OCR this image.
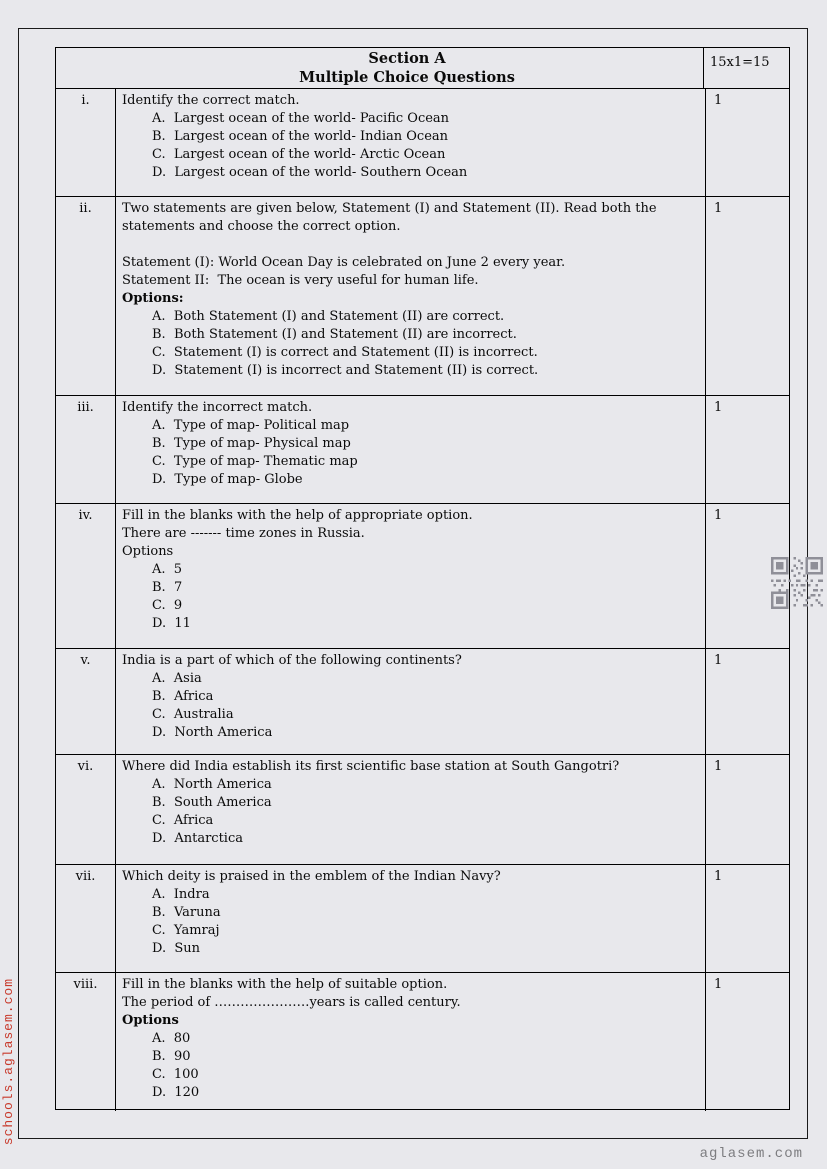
Section A
Multiple Choice Questions
15x1=15
i.	Identify the correct match.
A.  Largest ocean of the world- Pacific Ocean
B.  Largest ocean of the world- Indian Ocean
C.  Largest ocean of the world- Arctic Ocean
D.  Largest ocean of the world- Southern Ocean
1
ii.	Two statements are given below, Statement (I) and Statement (II). Read both the statements and choose the correct option.

Statement (I): World Ocean Day is celebrated on June 2 every year.
Statement II:  The ocean is very useful for human life.
Options:
A.  Both Statement (I) and Statement (II) are correct.
B.  Both Statement (I) and Statement (II) are incorrect.
C.  Statement (I) is correct and Statement (II) is incorrect.
D.  Statement (I) is incorrect and Statement (II) is correct.
1
iii.	Identify the incorrect match.
A.  Type of map- Political map
B.  Type of map- Physical map
C.  Type of map- Thematic map
D.  Type of map- Globe
1
iv.	Fill in the blanks with the help of appropriate option.
There are ------- time zones in Russia.
Options
A.  5
B.  7
C.  9
D.  11
1
v.	India is a part of which of the following continents?
A.  Asia
B.  Africa
C.  Australia
D.  North America
1
vi.	Where did India establish its first scientific base station at South Gangotri?
A.  North America
B.  South America
C.  Africa
D.  Antarctica
1
vii.	Which deity is praised in the emblem of the Indian Navy?
A.  Indra
B.  Varuna
C.  Yamraj
D.  Sun
1
viii.	Fill in the blanks with the help of suitable option.
The period of ………………….years is called century.
Options
A.  80
B.  90
C.  100
D.  120
1
schools.aglasem.com
aglasem.com
